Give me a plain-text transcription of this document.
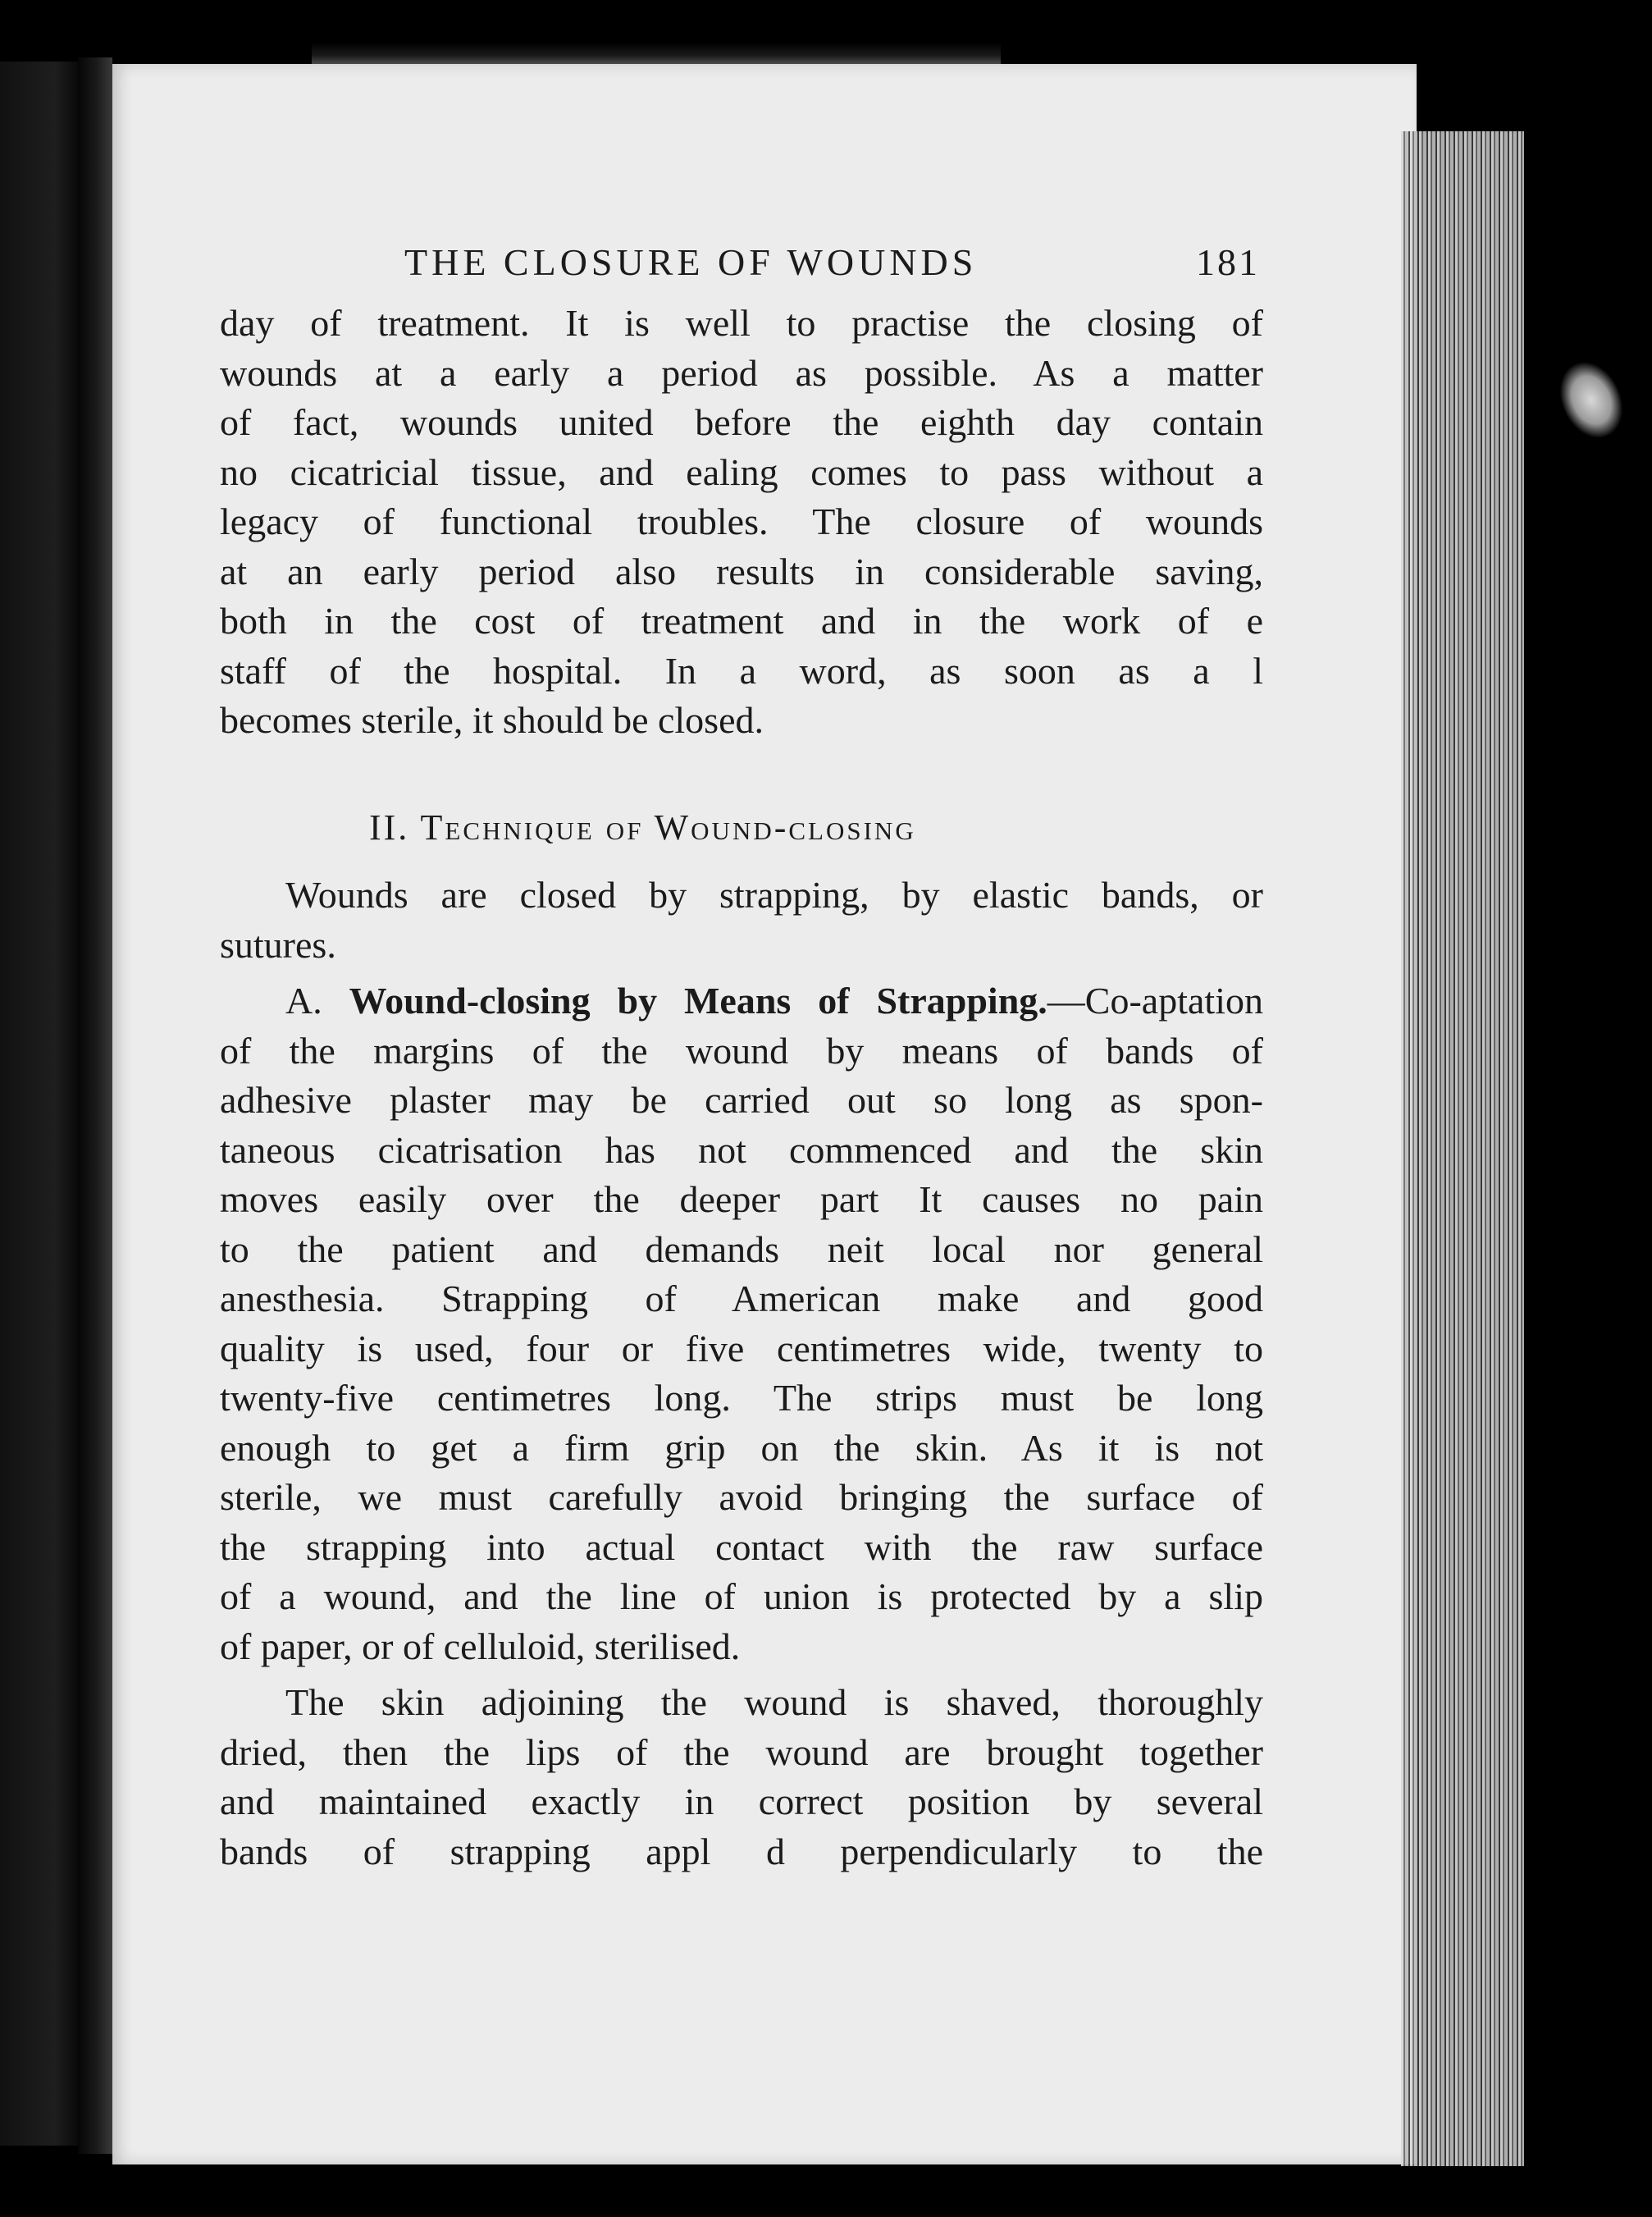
THE CLOSURE OF WOUNDS	181
day of treatment. It is well to practise the closing of
wounds at a early a period as possible. As a matter
of fact, wounds united before the eighth day contain
no cicatricial tissue, and ealing comes to pass without a
legacy of functional troubles. The closure of wounds
at an early period also results in considerable saving,
both in the cost of treatment and in the work of e
staff of the hospital. In a word, as soon as a l
becomes sterile, it should be closed.
II. Technique of Wound-closing
Wounds are closed by strapping, by elastic bands, or
sutures.
A. Wound-closing by Means of Strapping.—Co-aptation
of the margins of the wound by means of bands of
adhesive plaster may be carried out so long as spon-
taneous cicatrisation has not commenced and the skin
moves easily over the deeper part It causes no pain
to the patient and demands neit local nor general
anesthesia. Strapping of American make and good
quality is used, four or five centimetres wide, twenty to
twenty-five centimetres long. The strips must be long
enough to get a firm grip on the skin. As it is not
sterile, we must carefully avoid bringing the surface of
the strapping into actual contact with the raw surface
of a wound, and the line of union is protected by a slip
of paper, or of celluloid, sterilised.
The skin adjoining the wound is shaved, thoroughly
dried, then the lips of the wound are brought together
and maintained exactly in correct position by several
bands of strapping appl d perpendicularly to the
